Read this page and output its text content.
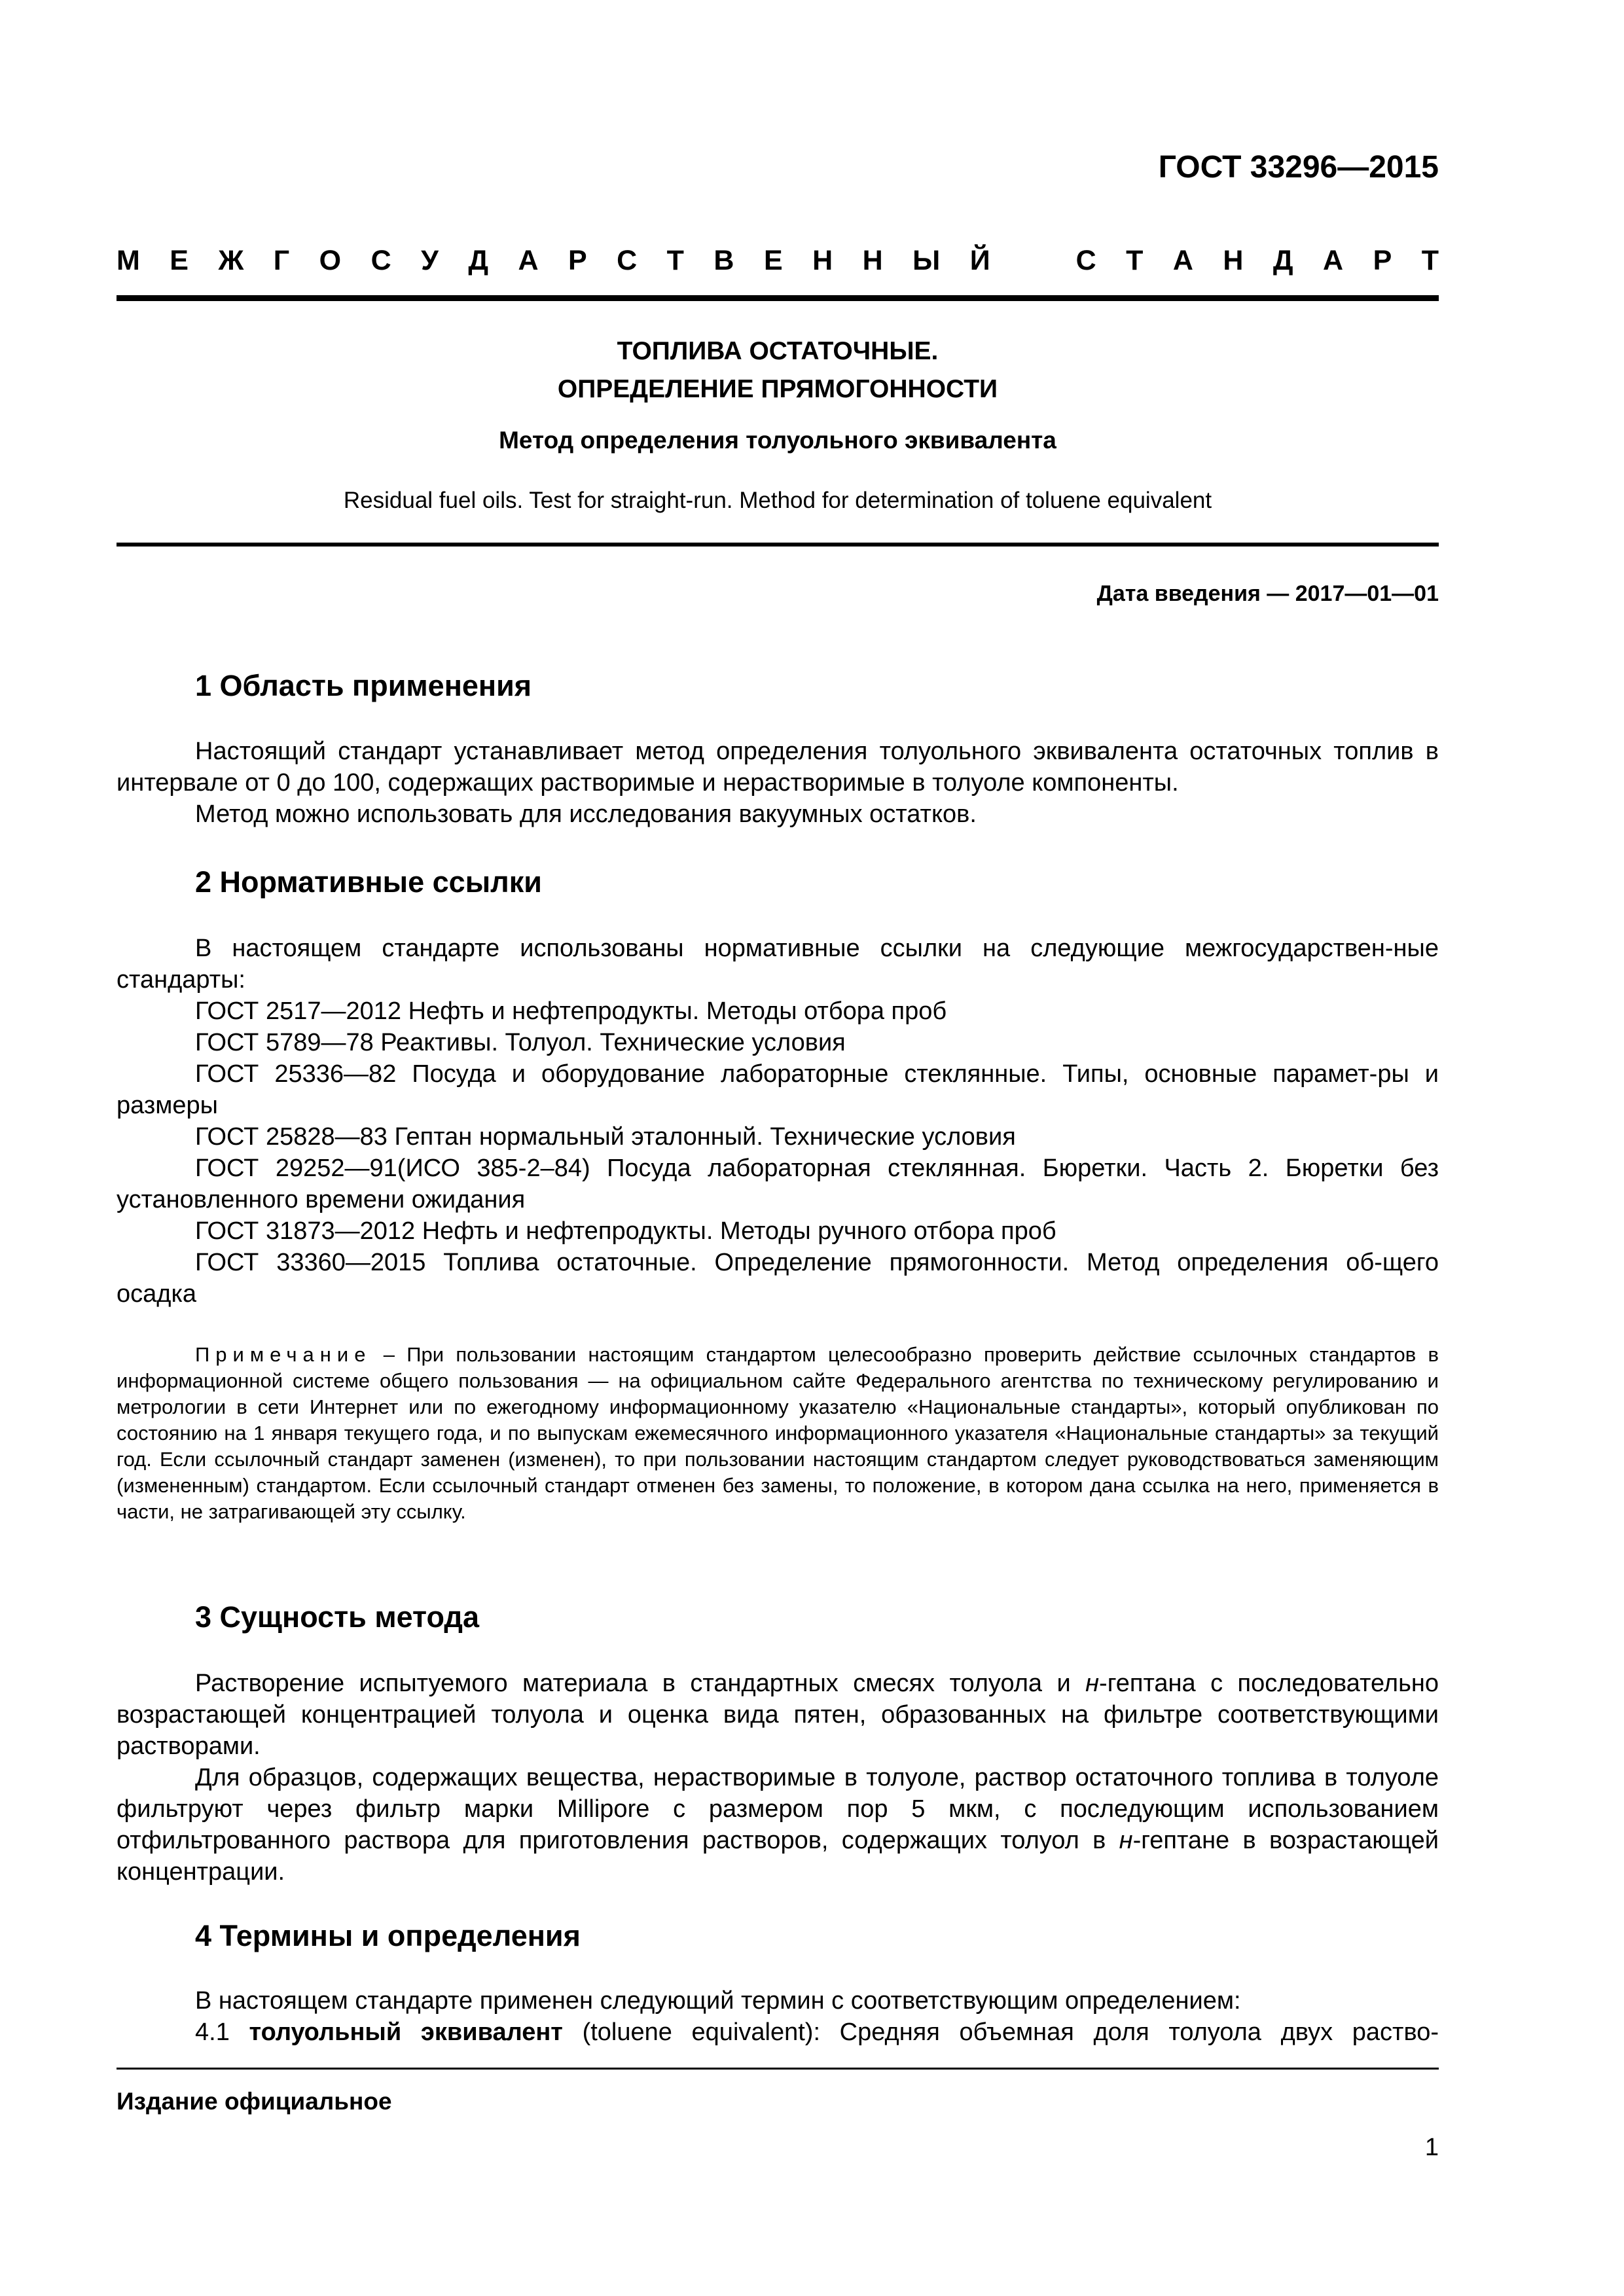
ГОСТ 33296—2015
М Е Ж Г О С У Д А Р С Т В Е Н Н Ы Й	С Т А Н Д А Р Т
ТОПЛИВА ОСТАТОЧНЫЕ.
ОПРЕДЕЛЕНИЕ ПРЯМОГОННОСТИ
Метод определения толуольного эквивалента
Residual fuel oils. Test for straight-run. Method for determination of toluene equivalent
Дата введения — 2017—01—01
1 Область применения

Настоящий стандарт устанавливает метод определения толуольного эквивалента остаточных топлив в интервале от 0 до 100, содержащих растворимые и нерастворимые в толуоле компоненты.

Метод можно использовать для исследования вакуумных остатков.

2 Нормативные ссылки

В настоящем стандарте использованы нормативные ссылки на следующие межгосударствен-ные стандарты:

ГОСТ 2517—2012 Нефть и нефтепродукты. Методы отбора проб

ГОСТ 5789—78 Реактивы. Толуол. Технические условия

ГОСТ 25336—82 Посуда и оборудование лабораторные стеклянные. Типы, основные парамет-ры и размеры

ГОСТ 25828—83 Гептан нормальный эталонный. Технические условия

ГОСТ 29252—91(ИСО 385-2–84) Посуда лабораторная стеклянная. Бюретки. Часть 2. Бюретки без установленного времени ожидания

ГОСТ 31873—2012 Нефть и нефтепродукты. Методы ручного отбора проб

ГОСТ 33360—2015 Топлива остаточные. Определение прямогонности. Метод определения об-щего осадка

Примечание – При пользовании настоящим стандартом целесообразно проверить действие ссылочных стандартов в информационной системе общего пользования — на официальном сайте Федерального агентства по техническому регулированию и метрологии в сети Интернет или по ежегодному информационному указателю «Национальные стандарты», который опубликован по состоянию на 1 января текущего года, и по выпускам ежемесячного информационного указателя «Национальные стандарты» за текущий год. Если ссылочный стандарт заменен (изменен), то при пользовании настоящим стандартом следует руководствоваться заменяющим (измененным) стандартом. Если ссылочный стандарт отменен без замены, то положение, в котором дана ссылка на него, применяется в части, не затрагивающей эту ссылку.

3 Сущность метода

Растворение испытуемого материала в стандартных смесях толуола и н-гептана с последовательно возрастающей концентрацией толуола и оценка вида пятен, образованных на фильтре соответствующими растворами.

Для образцов, содержащих вещества, нерастворимые в толуоле, раствор остаточного топлива в толуоле фильтруют через фильтр марки Millipore с размером пор 5 мкм, с последующим использованием отфильтрованного раствора для приготовления растворов, содержащих толуол в н-гептане в возрастающей концентрации.

4 Термины и определения

В настоящем стандарте применен следующий термин с соответствующим определением:

4.1 толуольный эквивалент (toluene equivalent): Средняя объемная доля толуола двух раство-

Издание официальное
1
